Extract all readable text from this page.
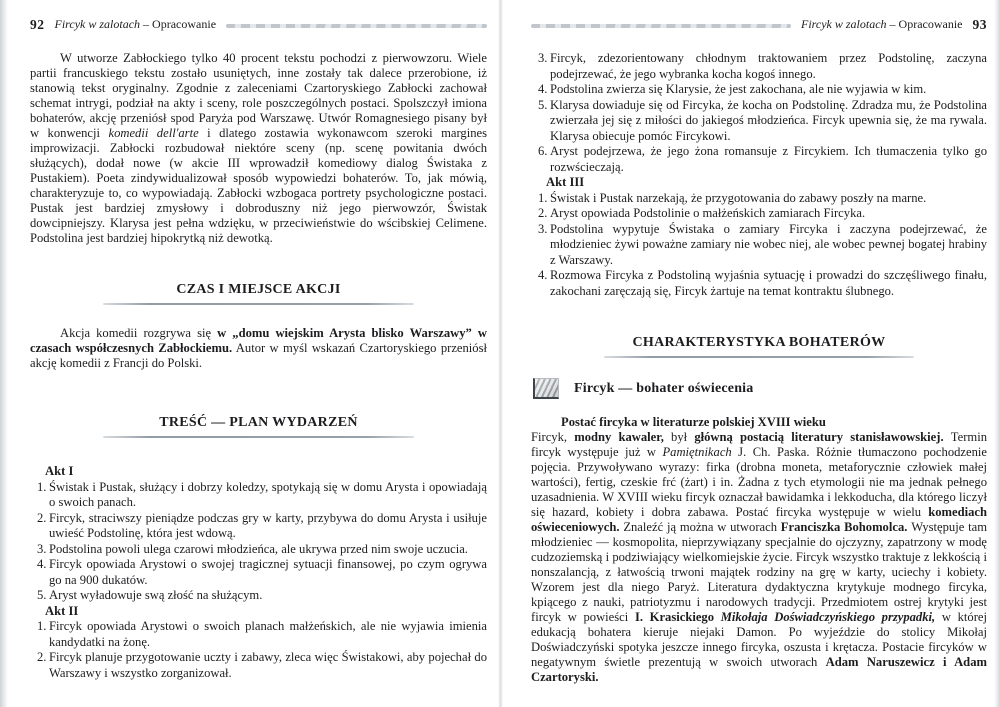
92 Fircyk w zalotach – Opracowanie

W utworze Zabłockiego tylko 40 procent tekstu pochodzi z pierwowzoru. Wiele partii francuskiego tekstu zostało usuniętych, inne zostały tak dalece przerobione, iż stanowią tekst oryginalny. Zgodnie z zaleceniami Czartoryskiego Zabłocki zachował schemat intrygi, podział na akty i sceny, role poszczególnych postaci. Spolszczył imiona bohaterów, akcję przeniósł spod Paryża pod Warszawę. Utwór Romagnesiego pisany był w konwencji komedii dell'arte i dlatego zostawia wykonawcom szeroki margines improwizacji. Zabłocki rozbudował niektóre sceny (np. scenę powitania dwóch służących), dodał nowe (w akcie III wprowadził komediowy dialog Świstaka z Pustakiem). Poeta zindywidualizował sposób wypowiedzi bohaterów. To, jak mówią, charakteryzuje to, co wypowiadają. Zabłocki wzbogaca portrety psychologiczne postaci. Pustak jest bardziej zmysłowy i dobroduszny niż jego pierwowzór, Świstak dowcipniejszy. Klarysa jest pełna wdzięku, w przeciwieństwie do wścibskiej Celimene. Podstolina jest bardziej hipokrytką niż dewotką.

CZAS I MIEJSCE AKCJI

Akcja komedii rozgrywa się w „domu wiejskim Arysta blisko Warszawy” w czasach współczesnych Zabłockiemu. Autor w myśl wskazań Czartoryskiego przeniósł akcję komedii z Francji do Polski.

TREŚĆ — PLAN WYDARZEŃ
Akt I
1. Świstak i Pustak, służący i dobrzy koledzy, spotykają się w domu Arysta i opowiadają o swoich panach.
2. Fircyk, straciwszy pieniądze podczas gry w karty, przybywa do domu Arysta i usiłuje uwieść Podstolinę, która jest wdową.
3. Podstolina powoli ulega czarowi młodzieńca, ale ukrywa przed nim swoje uczucia.
4. Fircyk opowiada Arystowi o swojej tragicznej sytuacji finansowej, po czym ogrywa go na 900 dukatów.
5. Aryst wyładowuje swą złość na służącym.
Akt II
1. Fircyk opowiada Arystowi o swoich planach małżeńskich, ale nie wyjawia imienia kandydatki na żonę.
2. Fircyk planuje przygotowanie uczty i zabawy, zleca więc Świstakowi, aby pojechał do Warszawy i wszystko zorganizował.
Fircyk w zalotach – Opracowanie 93
3. Fircyk, zdezorientowany chłodnym traktowaniem przez Podstolinę, zaczyna podejrzewać, że jego wybranka kocha kogoś innego.
4. Podstolina zwierza się Klarysie, że jest zakochana, ale nie wyjawia w kim.
5. Klarysa dowiaduje się od Fircyka, że kocha on Podstolinę. Zdradza mu, że Podstolina zwierzała jej się z miłości do jakiegoś młodzieńca. Fircyk upewnia się, że ma rywala. Klarysa obiecuje pomóc Fircykowi.
6. Aryst podejrzewa, że jego żona romansuje z Fircykiem. Ich tłumaczenia tylko go rozwścieczają.
Akt III
1. Świstak i Pustak narzekają, że przygotowania do zabawy poszły na marne.
2. Aryst opowiada Podstolinie o małżeńskich zamiarach Fircyka.
3. Podstolina wypytuje Świstaka o zamiary Fircyka i zaczyna podejrzewać, że młodzieniec żywi poważne zamiary nie wobec niej, ale wobec pewnej bogatej hrabiny z Warszawy.
4. Rozmowa Fircyka z Podstoliną wyjaśnia sytuację i prowadzi do szczęśliwego finału, zakochani zaręczają się, Fircyk żartuje na temat kontraktu ślubnego.
CHARAKTERYSTYKA BOHATERÓW
Fircyk — bohater oświecenia

Postać fircyka w literaturze polskiej XVIII wieku

Fircyk, modny kawaler, był główną postacią literatury stanisławowskiej. Termin fircyk występuje już w Pamiętnikach J. Ch. Paska. Różnie tłumaczono pochodzenie pojęcia. Przywoływano wyrazy: firka (drobna moneta, metaforycznie człowiek małej wartości), fertig, czeskie frć (żart) i in. Żadna z tych etymologii nie ma jednak pełnego uzasadnienia. W XVIII wieku fircyk oznaczał bawidamka i lekkoducha, dla którego liczył się hazard, kobiety i dobra zabawa. Postać fircyka występuje w wielu komediach oświeceniowych. Znaleźć ją można w utworach Franciszka Bohomolca. Występuje tam młodzieniec — kosmopolita, nieprzywiązany specjalnie do ojczyzny, zapatrzony w modę cudzoziemską i podziwiający wielkomiejskie życie. Fircyk wszystko traktuje z lekkością i nonszalancją, z łatwością trwoni majątek rodziny na grę w karty, uciechy i kobiety. Wzorem jest dla niego Paryż. Literatura dydaktyczna krytykuje modnego fircyka, kpiącego z nauki, patriotyzmu i narodowych tradycji. Przedmiotem ostrej krytyki jest fircyk w powieści I. Krasickiego Mikołaja Doświadczyńskiego przypadki, w której edukacją bohatera kieruje niejaki Damon. Po wyjeździe do stolicy Mikołaj Doświadczyński spotyka jeszcze innego fircyka, oszusta i krętacza. Postacie fircyków w negatywnym świetle prezentują w swoich utworach Adam Naruszewicz i Adam Czartoryski.
